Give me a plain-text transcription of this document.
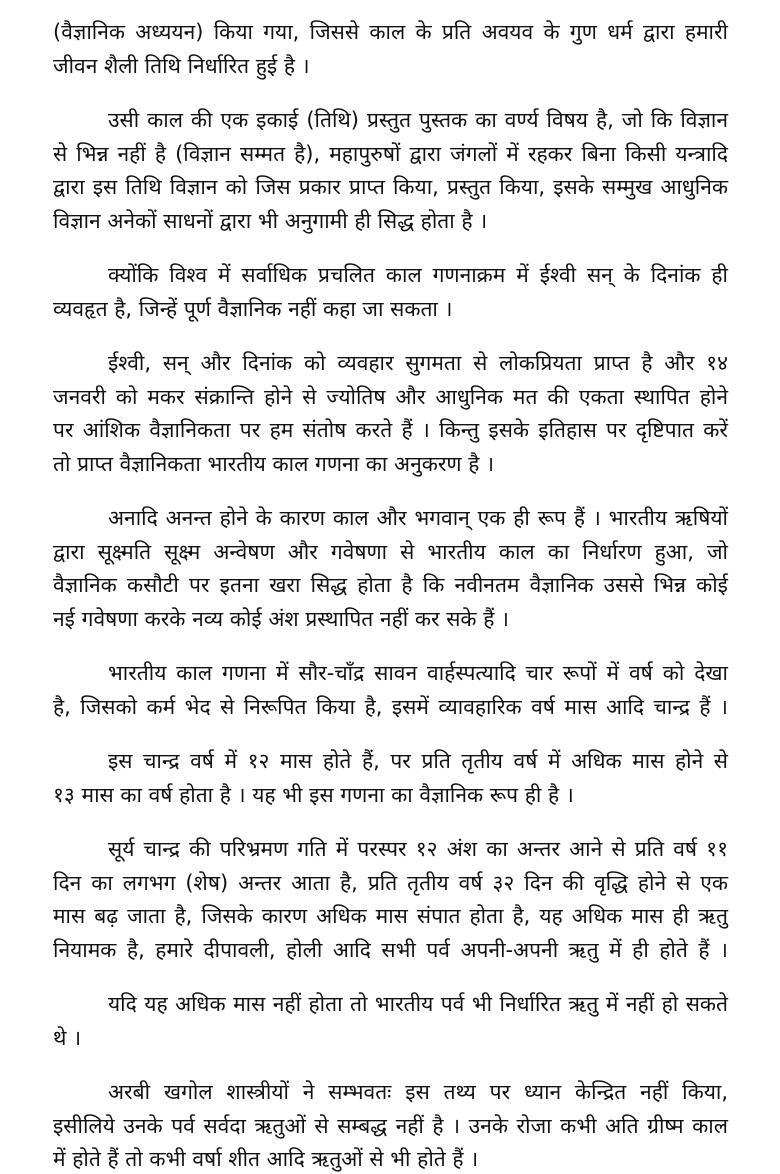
(वैज्ञानिक अध्ययन) किया गया, जिससे काल के प्रति अवयव के गुण धर्म द्वारा हमारी

जीवन शैली तिथि निर्धारित हुई है ।

उसी काल की एक इकाई (तिथि) प्रस्तुत पुस्तक का वर्ण्य विषय है, जो कि विज्ञान

से भिन्न नहीं है (विज्ञान सम्मत है), महापुरुषों द्वारा जंगलों में रहकर बिना किसी यन्त्रादि

द्वारा इस तिथि विज्ञान को जिस प्रकार प्राप्त किया, प्रस्तुत किया, इसके सम्मुख आधुनिक

विज्ञान अनेकों साधनों द्वारा भी अनुगामी ही सिद्ध होता है ।

क्योंकि विश्व में सर्वाधिक प्रचलित काल गणनाक्रम में ईश्वी सन् के दिनांक ही

व्यवहृत है, जिन्हें पूर्ण वैज्ञानिक नहीं कहा जा सकता ।

ईश्वी, सन् और दिनांक को व्यवहार सुगमता से लोकप्रियता प्राप्त है और १४

जनवरी को मकर संक्रान्ति होने से ज्योतिष और आधुनिक मत की एकता स्थापित होने

पर आंशिक वैज्ञानिकता पर हम संतोष करते हैं । किन्तु इसके इतिहास पर दृष्टिपात करें

तो प्राप्त वैज्ञानिकता भारतीय काल गणना का अनुकरण है ।

अनादि अनन्त होने के कारण काल और भगवान् एक ही रूप हैं । भारतीय ऋषियों

द्वारा सूक्ष्मति सूक्ष्म अन्वेषण और गवेषणा से भारतीय काल का निर्धारण हुआ, जो

वैज्ञानिक कसौटी पर इतना खरा सिद्ध होता है कि नवीनतम वैज्ञानिक उससे भिन्न कोई

नई गवेषणा करके नव्य कोई अंश प्रस्थापित नहीं कर सके हैं ।

भारतीय काल गणना में सौर-चाँद्र सावन वार्हस्पत्यादि चार रूपों में वर्ष को देखा

है, जिसको कर्म भेद से निरूपित किया है, इसमें व्यावहारिक वर्ष मास आदि चान्द्र हैं ।

इस चान्द्र वर्ष में १२ मास होते हैं, पर प्रति तृतीय वर्ष में अधिक मास होने से

१३ मास का वर्ष होता है । यह भी इस गणना का वैज्ञानिक रूप ही है ।

सूर्य चान्द्र की परिभ्रमण गति में परस्पर १२ अंश का अन्तर आने से प्रति वर्ष ११

दिन का लगभग (शेष) अन्तर आता है, प्रति तृतीय वर्ष ३२ दिन की वृद्धि होने से एक

मास बढ़ जाता है, जिसके कारण अधिक मास संपात होता है, यह अधिक मास ही ऋतु

नियामक है, हमारे दीपावली, होली आदि सभी पर्व अपनी-अपनी ऋतु में ही होते हैं ।

यदि यह अधिक मास नहीं होता तो भारतीय पर्व भी निर्धारित ऋतु में नहीं हो सकते

थे ।

अरबी खगोल शास्त्रीयों ने सम्भवतः इस तथ्य पर ध्यान केन्द्रित नहीं किया,

इसीलिये उनके पर्व सर्वदा ऋतुओं से सम्बद्ध नहीं है । उनके रोजा कभी अति ग्रीष्म काल

में होते हैं तो कभी वर्षा शीत आदि ऋतुओं से भी होते हैं ।
